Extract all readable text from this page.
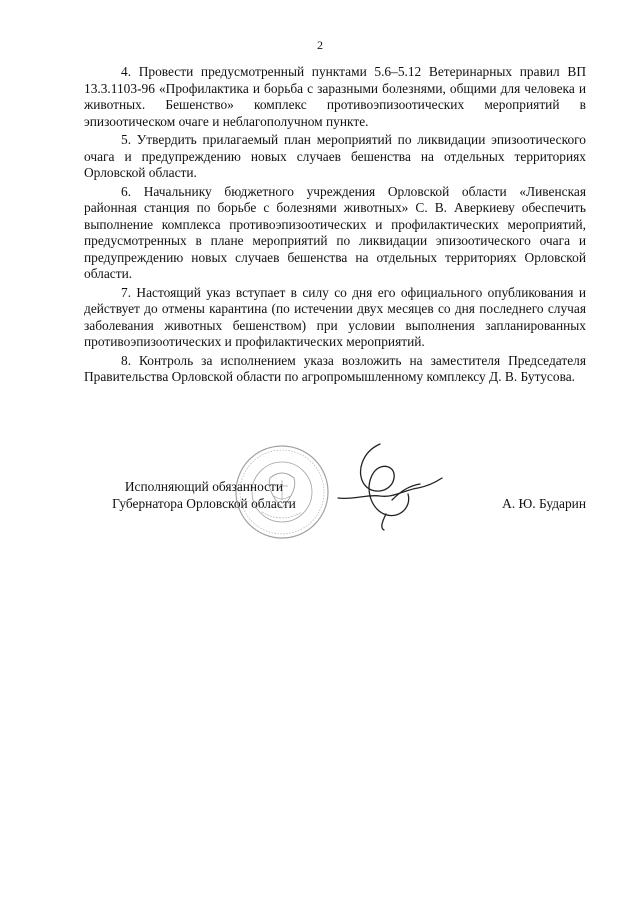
2

4. Провести предусмотренный пунктами 5.6–5.12 Ветеринарных правил ВП 13.3.1103-96 «Профилактика и борьба с заразными болезнями, общими для человека и животных. Бешенство» комплекс противоэпизоотических мероприятий в эпизоотическом очаге и неблагополучном пункте.

5. Утвердить прилагаемый план мероприятий по ликвидации эпизоотического очага и предупреждению новых случаев бешенства на отдельных территориях Орловской области.

6. Начальнику бюджетного учреждения Орловской области «Ливенская районная станция по борьбе с болезнями животных» С. В. Аверкиеву обеспечить выполнение комплекса противоэпизоотических и профилактических мероприятий, предусмотренных в плане мероприятий по ликвидации эпизоотического очага и предупреждению новых случаев бешенства на отдельных территориях Орловской области.

7. Настоящий указ вступает в силу со дня его официального опубликования и действует до отмены карантина (по истечении двух месяцев со дня последнего случая заболевания животных бешенством) при условии выполнения запланированных противоэпизоотических и профилактических мероприятий.

8. Контроль за исполнением указа возложить на заместителя Председателя Правительства Орловской области по агропромышленному комплексу Д. В. Бутусова.

Исполняющий обязанности
Губернатора Орловской области	А. Ю. Бударин
